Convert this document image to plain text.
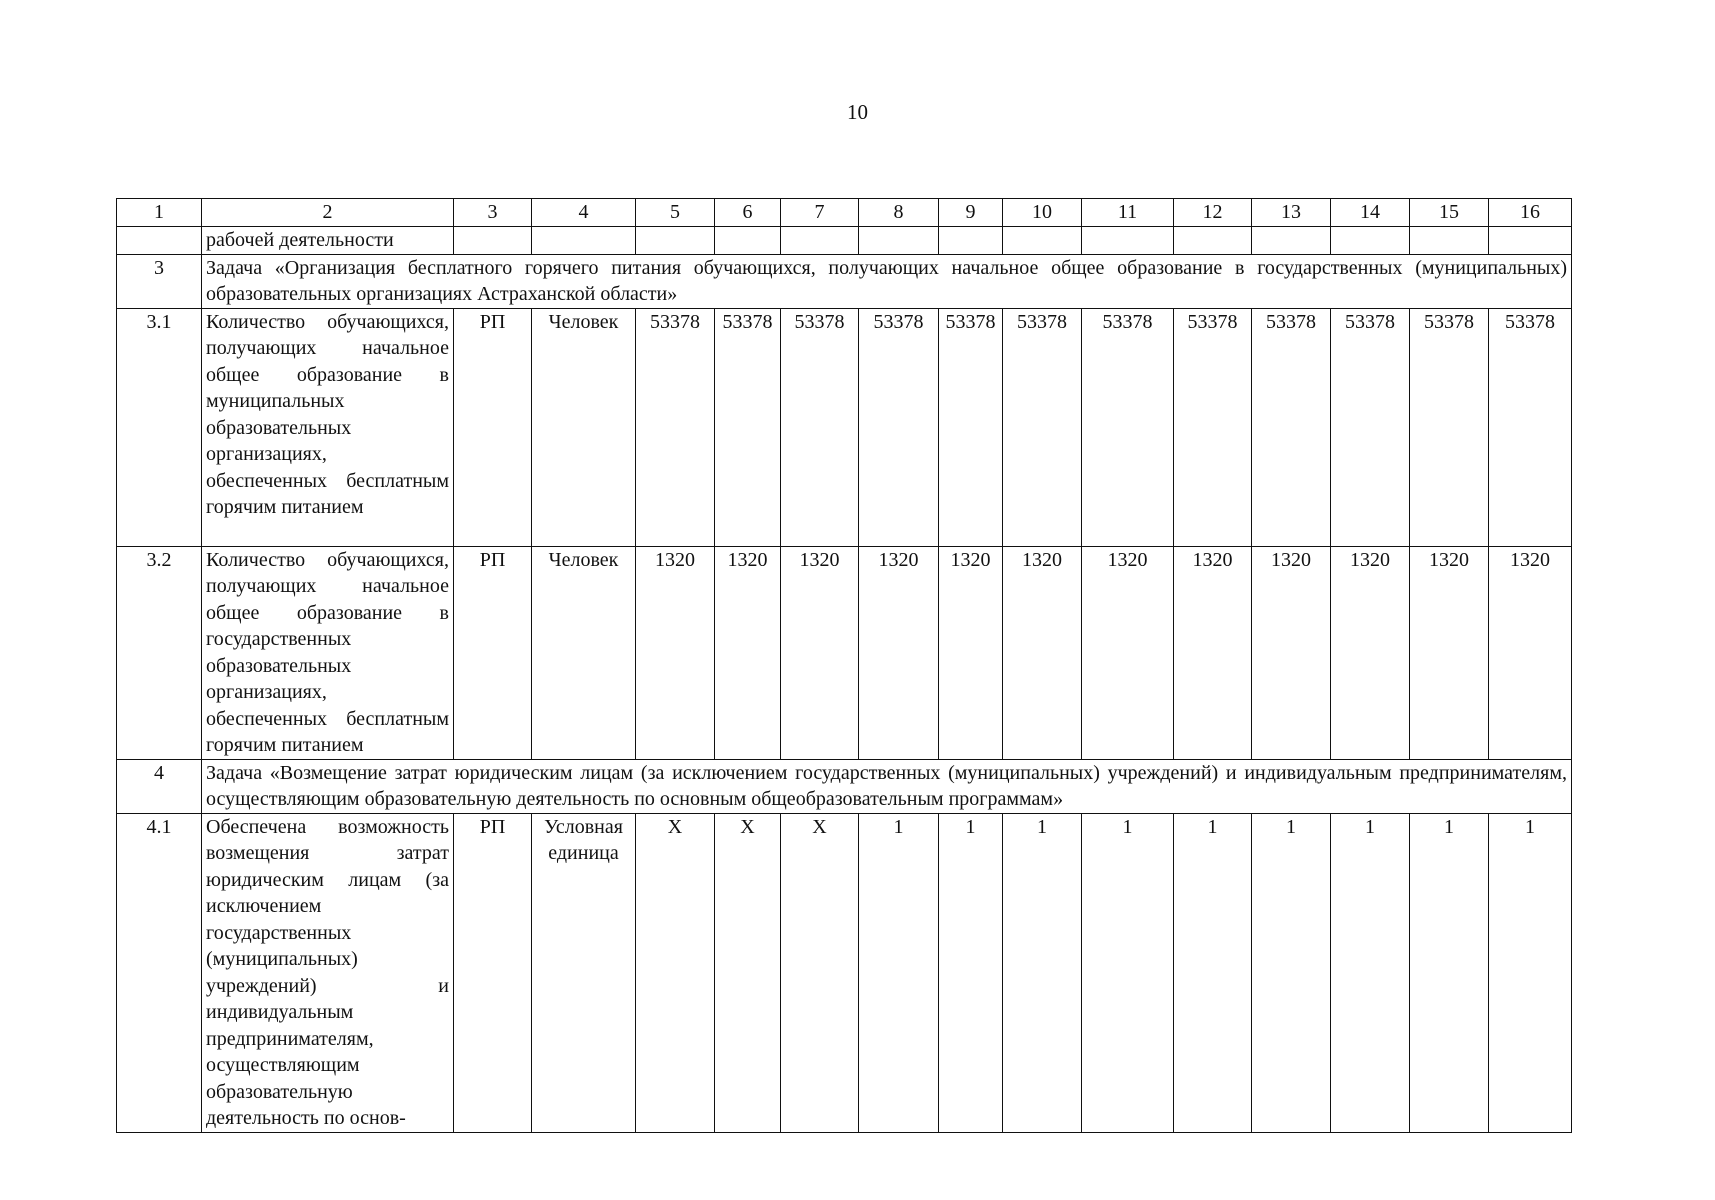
10
1	2	3	4	5	6	7	8	9	10	11	12	13	14	15	16
	рабочей деятельности														
3	Задача «Организация бесплатного горячего питания обучающихся, получающих начальное общее образование в государственных (муниципальных) образовательных организациях Астраханской области»														
3.1	Количество обучающихся, получающих начальное общее образование в муниципальных образовательных организациях, обеспеченных бесплатным горячим питанием	РП	Человек	53378	53378	53378	53378	53378	53378	53378	53378	53378	53378	53378	53378
3.2	Количество обучающихся, получающих начальное общее образование в государственных образовательных организациях, обеспеченных бесплатным горячим питанием	РП	Человек	1320	1320	1320	1320	1320	1320	1320	1320	1320	1320	1320	1320
4	Задача «Возмещение затрат юридическим лицам (за исключением государственных (муниципальных) учреждений) и индивидуальным предпринимателям, осуществляющим образовательную деятельность по основным общеобразовательным программам»														
4.1	Обеспечена возможность возмещения затрат юридическим лицам (за исключением государственных (муниципальных) учреждений) и индивидуальным предпринимателям, осуществляющим образовательную деятельность по основ-	РП	Условная единица	X	X	X	1	1	1	1	1	1	1	1	1
